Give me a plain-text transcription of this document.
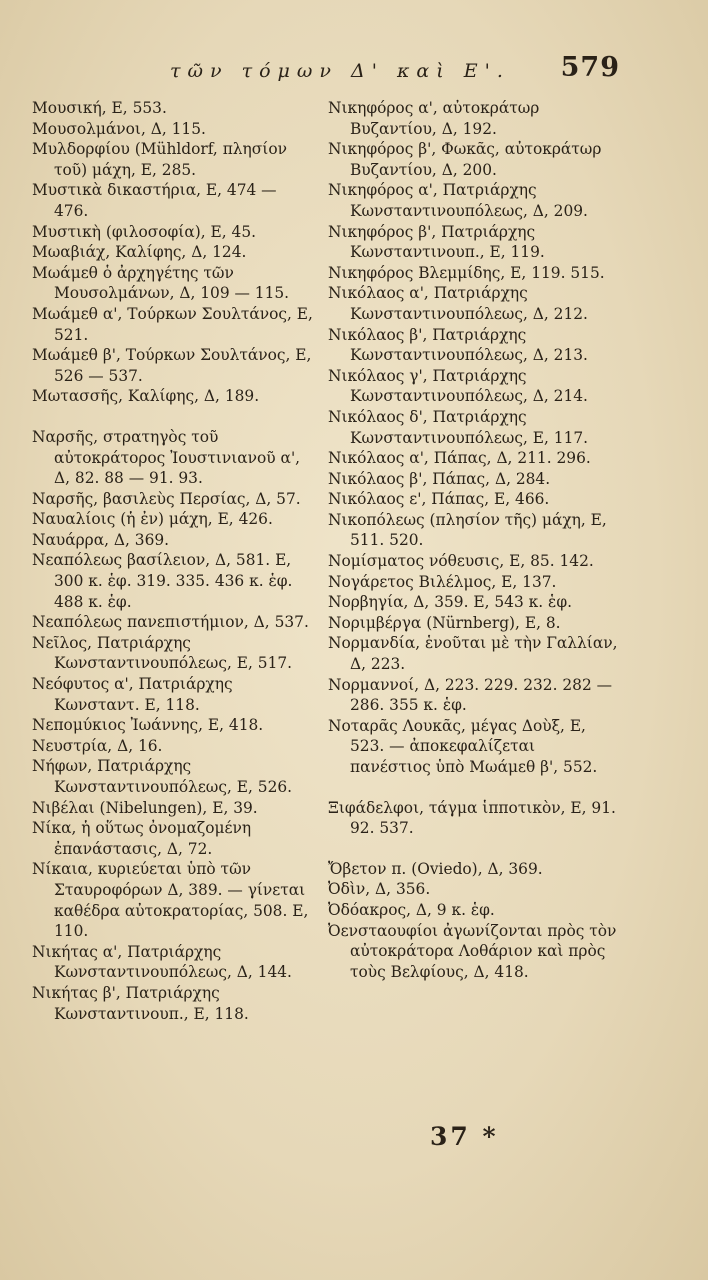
τῶν τόμων Δ' καὶ Ε'. 579
Μουσική, Ε, 553.
Μουσολμάνοι, Δ, 115.
Μυλδορφίου (Mühldorf, πλησίον τοῦ) μάχη, Ε, 285.
Μυστικὰ δικαστήρια, Ε, 474 — 476.
Μυστικὴ (φιλοσοφία), Ε, 45.
Μωαβιάχ, Καλίφης, Δ, 124.
Μωάμεθ ὁ ἀρχηγέτης τῶν Μουσολμάνων, Δ, 109 — 115.
Μωάμεθ α', Τούρκων Σουλτάνος, Ε, 521.
Μωάμεθ β', Τούρκων Σουλτάνος, Ε, 526 — 537.
Μωτασσῆς, Καλίφης, Δ, 189.
Ναρσῆς, στρατηγὸς τοῦ αὐτοκράτορος Ἰουστινιανοῦ α', Δ, 82. 88 — 91. 93.
Ναρσῆς, βασιλεὺς Περσίας, Δ, 57.
Ναυαλίοις (ἡ ἐν) μάχη, Ε, 426.
Ναυάρρα, Δ, 369.
Νεαπόλεως βασίλειον, Δ, 581. Ε, 300 κ. ἑφ. 319. 335. 436 κ. ἑφ. 488 κ. ἑφ.
Νεαπόλεως πανεπιστήμιον, Δ, 537.
Νεῖλος, Πατριάρχης Κωνσταντινουπόλεως, Ε, 517.
Νεόφυτος α', Πατριάρχης Κωνσταντ. Ε, 118.
Νεπομύκιος Ἰωάννης, Ε, 418.
Νευστρία, Δ, 16.
Νήφων, Πατριάρχης Κωνσταντινουπόλεως, Ε, 526.
Νιβέλαι (Nibelungen), Ε, 39.
Νίκα, ἡ οὕτως ὀνομαζομένη ἐπανάστασις, Δ, 72.
Νίκαια, κυριεύεται ὑπὸ τῶν Σταυροφόρων Δ, 389. — γίνεται καθέδρα αὐτοκρατορίας, 508. Ε, 110.
Νικήτας α', Πατριάρχης Κωνσταντινουπόλεως, Δ, 144.
Νικήτας β', Πατριάρχης Κωνσταντινουπ., Ε, 118.
Νικηφόρος α', αὐτοκράτωρ Βυζαντίου, Δ, 192.
Νικηφόρος β', Φωκᾶς, αὐτοκράτωρ Βυζαντίου, Δ, 200.
Νικηφόρος α', Πατριάρχης Κωνσταντινουπόλεως, Δ, 209.
Νικηφόρος β', Πατριάρχης Κωνσταντινουπ., Ε, 119.
Νικηφόρος Βλεμμίδης, Ε, 119. 515.
Νικόλαος α', Πατριάρχης Κωνσταντινουπόλεως, Δ, 212.
Νικόλαος β', Πατριάρχης Κωνσταντινουπόλεως, Δ, 213.
Νικόλαος γ', Πατριάρχης Κωνσταντινουπόλεως, Δ, 214.
Νικόλαος δ', Πατριάρχης Κωνσταντινουπόλεως, Ε, 117.
Νικόλαος α', Πάπας, Δ, 211. 296.
Νικόλαος β', Πάπας, Δ, 284.
Νικόλαος ε', Πάπας, Ε, 466.
Νικοπόλεως (πλησίον τῆς) μάχη, Ε, 511. 520.
Νομίσματος νόθευσις, Ε, 85. 142.
Νογάρετος Βιλέλμος, Ε, 137.
Νορβηγία, Δ, 359. Ε, 543 κ. ἑφ.
Νοριμβέργα (Nürnberg), Ε, 8.
Νορμανδία, ἑνοῦται μὲ τὴν Γαλλίαν, Δ, 223.
Νορμαννοί, Δ, 223. 229. 232. 282 — 286. 355 κ. ἑφ.
Νοταρᾶς Λουκᾶς, μέγας Δοὺξ, Ε, 523. — ἀποκεφαλίζεται πανέστιος ὑπὸ Μωάμεθ β', 552.
Ξιφάδελφοι, τάγμα ἱπποτικὸν, Ε, 91. 92. 537.
Ὄβετον π. (Oviedo), Δ, 369.
Ὀδὶν, Δ, 356.
Ὀδόακρος, Δ, 9 κ. ἑφ.
Ὀενσταουφίοι ἀγωνίζονται πρὸς τὸν αὐτοκράτορα Λοθάριον καὶ πρὸς τοὺς Βελφίους, Δ, 418.
37 *
